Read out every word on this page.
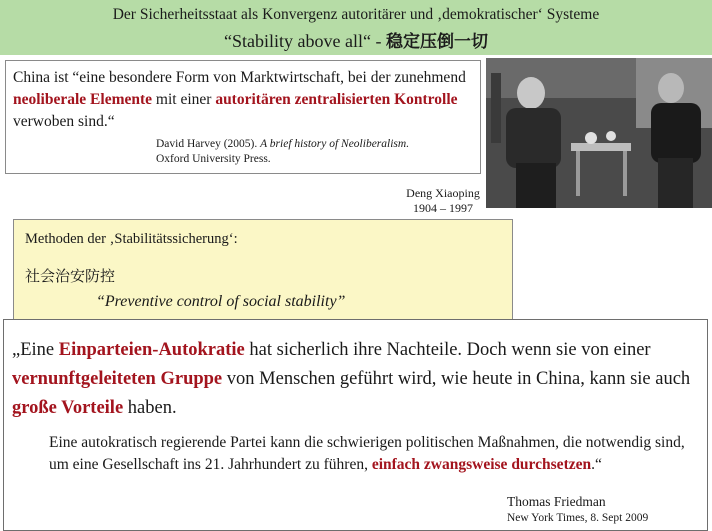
Der Sicherheitsstaat als Konvergenz autoritärer und ‚demokratischer‘ Systeme
“Stability above all“ - 稳定压倒一切
China ist “eine besondere Form von Marktwirtschaft, bei der zunehmend neoliberale Elemente mit einer autoritären zentralisierten Kontrolle verwoben sind.“
David Harvey (2005). A brief history of Neoliberalism.
Oxford University Press.
Deng Xiaoping
1904 – 1997
Methoden der ‚Stabilitätssicherung‘:
社会治安防控
“Preventive control of social stability”
„Eine Einparteien-Autokratie hat sicherlich ihre Nachteile. Doch wenn sie von einer vernunftgeleiteten Gruppe von Menschen geführt wird, wie heute in China, kann sie auch große Vorteile haben.
Eine autokratisch regierende Partei kann die schwierigen politischen Maßnahmen, die notwendig sind, um eine Gesellschaft ins 21. Jahrhundert zu führen, einfach zwangsweise durchsetzen.“
Thomas Friedman
New York Times, 8. Sept 2009
